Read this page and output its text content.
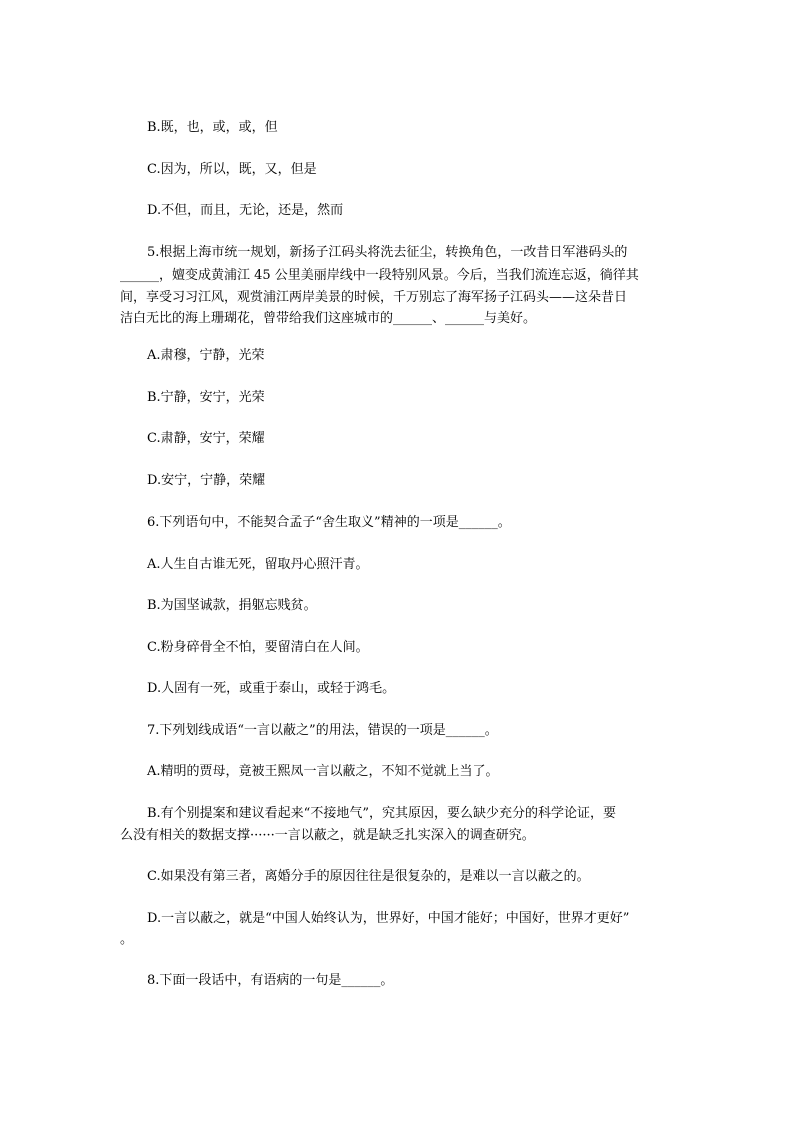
B.既，也，或，或，但
C.因为，所以，既，又，但是
D.不但，而且，无论，还是，然而
5.根据上海市统一规划，新扬子江码头将洗去征尘，转换角色，一改昔日军港码头的
______，嬗变成黄浦江 45 公里美丽岸线中一段特别风景。今后，当我们流连忘返，徜徉其
间，享受习习江风，观赏浦江两岸美景的时候，千万别忘了海军扬子江码头——这朵昔日
洁白无比的海上珊瑚花，曾带给我们这座城市的______、______与美好。
A.肃穆，宁静，光荣
B.宁静，安宁，光荣
C.肃静，安宁，荣耀
D.安宁，宁静，荣耀
6.下列语句中，不能契合孟子“舍生取义”精神的一项是______。
A.人生自古谁无死，留取丹心照汗青。
B.为国坚诚款，捐躯忘贱贫。
C.粉身碎骨全不怕，要留清白在人间。
D.人固有一死，或重于泰山，或轻于鸿毛。
7.下列划线成语“一言以蔽之”的用法，错误的一项是______。
A.精明的贾母，竟被王熙凤一言以蔽之，不知不觉就上当了。
B.有个别提案和建议看起来“不接地气”，究其原因，要么缺少充分的科学论证，要
么没有相关的数据支撑······一言以蔽之，就是缺乏扎实深入的调查研究。
C.如果没有第三者，离婚分手的原因往往是很复杂的，是难以一言以蔽之的。
D.一言以蔽之，就是“中国人始终认为，世界好，中国才能好；中国好，世界才更好”
。
8.下面一段话中，有语病的一句是______。
